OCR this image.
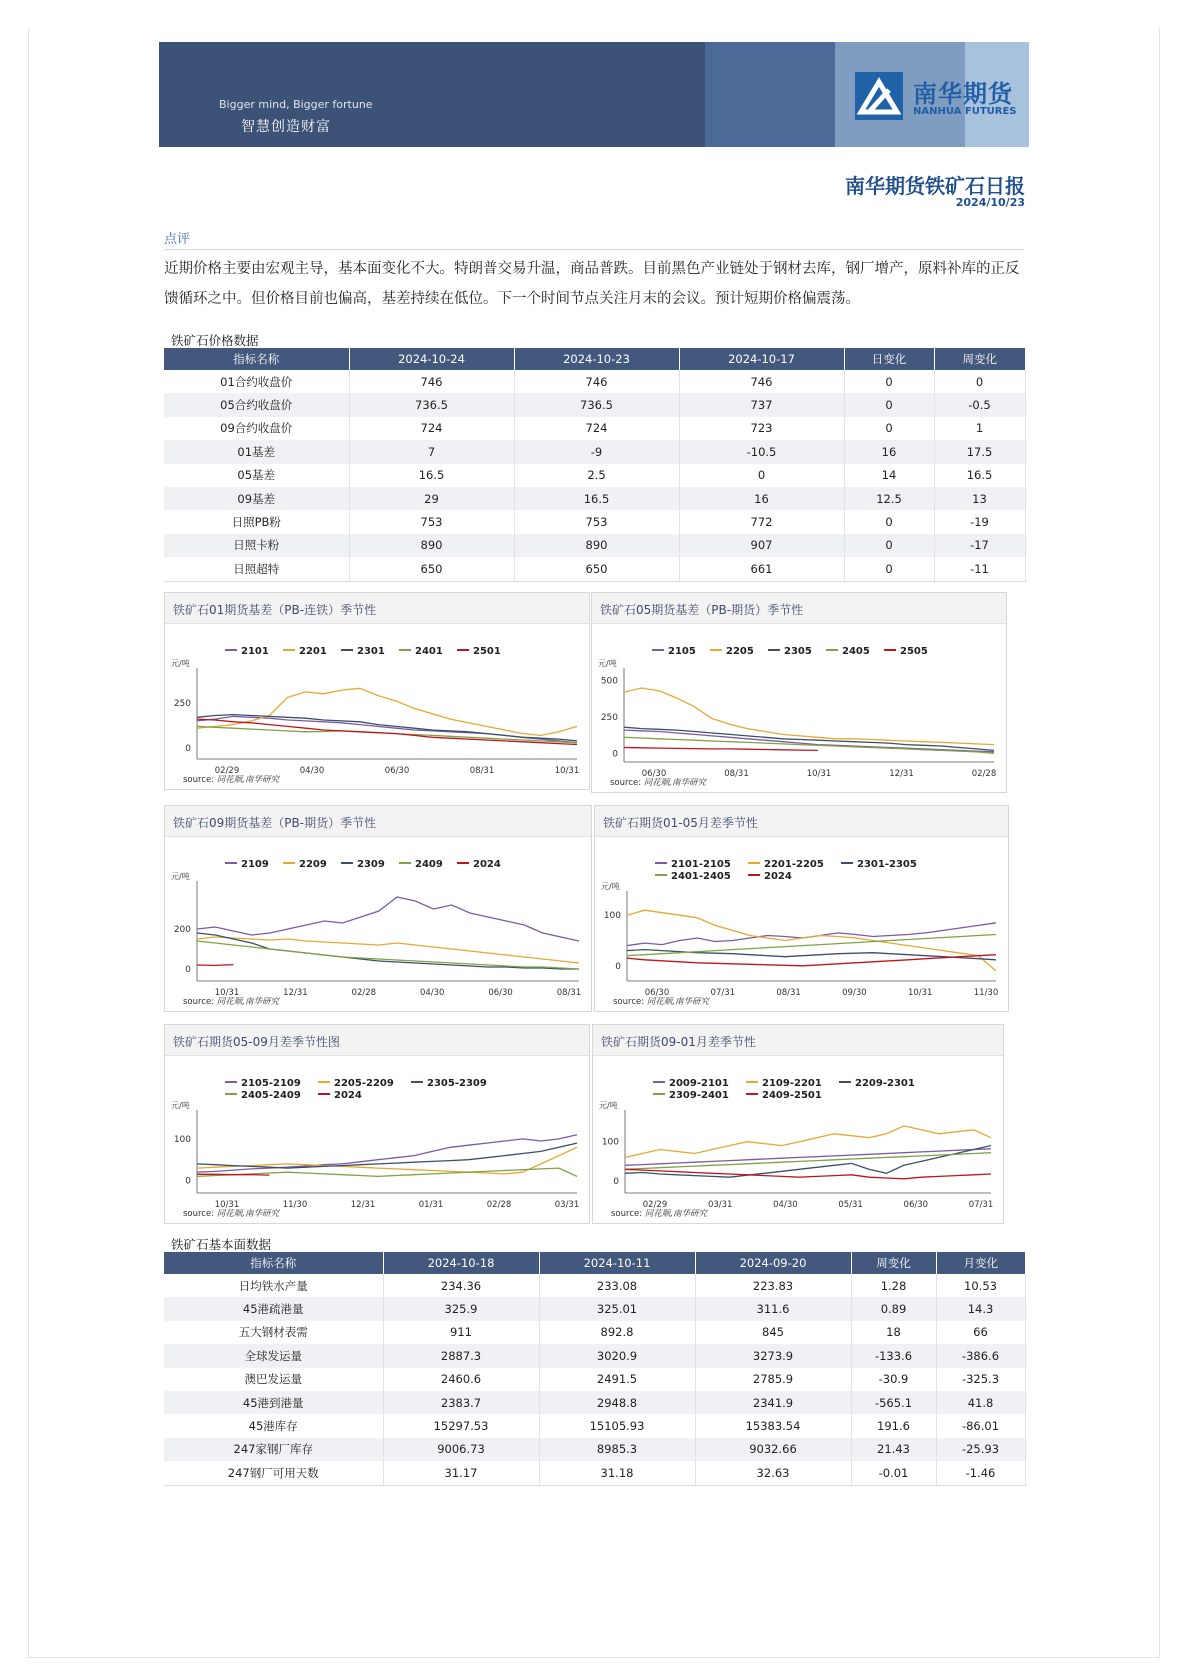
Bigger mind, Bigger fortune
智慧创造财富
南华期货
NANHUA FUTURES
南华期货铁矿石日报
2024/10/23
点评

近期价格主要由宏观主导，基本面变化不大。特朗普交易升温，商品普跌。目前黑色产业链处于钢材去库，钢厂增产，原料补库的正反馈循环之中。但价格目前也偏高，基差持续在低位。下一个时间节点关注月末的会议。预计短期价格偏震荡。

铁矿石价格数据
指标名称	2024-10-24	2024-10-23	2024-10-17	日变化	周变化
01合约收盘价	746	746	746	0	0
05合约收盘价	736.5	736.5	737	0	-0.5
09合约收盘价	724	724	723	0	1
01基差	7	-9	-10.5	16	17.5
05基差	16.5	2.5	0	14	16.5
09基差	29	16.5	16	12.5	13
日照PB粉	753	753	772	0	-19
日照卡粉	890	890	907	0	-17
日照超特	650	650	661	0	-11
铁矿石01期货基差（PB-连铁）季节性
2101	2201	2301	2401	2501
元/吨
0
250
02/29	04/30	06/30	08/31	10/31
source: 同花顺,南华研究
铁矿石05期货基差（PB-期货）季节性
2105	2205	2305	2405	2505
元/吨
0
250
500
06/30	08/31	10/31	12/31	02/28
source: 同花顺,南华研究
铁矿石09期货基差（PB-期货）季节性
2109	2209	2309	2409	2024
元/吨
0
200
10/31	12/31	02/28	04/30	06/30	08/31
source: 同花顺,南华研究
铁矿石期货01-05月差季节性
2101-2105	2201-2205	2301-2305
2401-2405	2024
元/吨
0
100
06/30	07/31	08/31	09/30	10/31	11/30
source: 同花顺,南华研究
铁矿石期货05-09月差季节性图
2105-2109	2205-2209	2305-2309
2405-2409	2024
元/吨
0
100
10/31	11/30	12/31	01/31	02/28	03/31
source: 同花顺,南华研究
铁矿石期货09-01月差季节性
2009-2101	2109-2201	2209-2301
2309-2401	2409-2501
元/吨
0
100
02/29	03/31	04/30	05/31	06/30	07/31
source: 同花顺,南华研究
铁矿石基本面数据
指标名称	2024-10-18	2024-10-11	2024-09-20	周变化	月变化
日均铁水产量	234.36	233.08	223.83	1.28	10.53
45港疏港量	325.9	325.01	311.6	0.89	14.3
五大钢材表需	911	892.8	845	18	66
全球发运量	2887.3	3020.9	3273.9	-133.6	-386.6
澳巴发运量	2460.6	2491.5	2785.9	-30.9	-325.3
45港到港量	2383.7	2948.8	2341.9	-565.1	41.8
45港库存	15297.53	15105.93	15383.54	191.6	-86.01
247家钢厂库存	9006.73	8985.3	9032.66	21.43	-25.93
247钢厂可用天数	31.17	31.18	32.63	-0.01	-1.46
